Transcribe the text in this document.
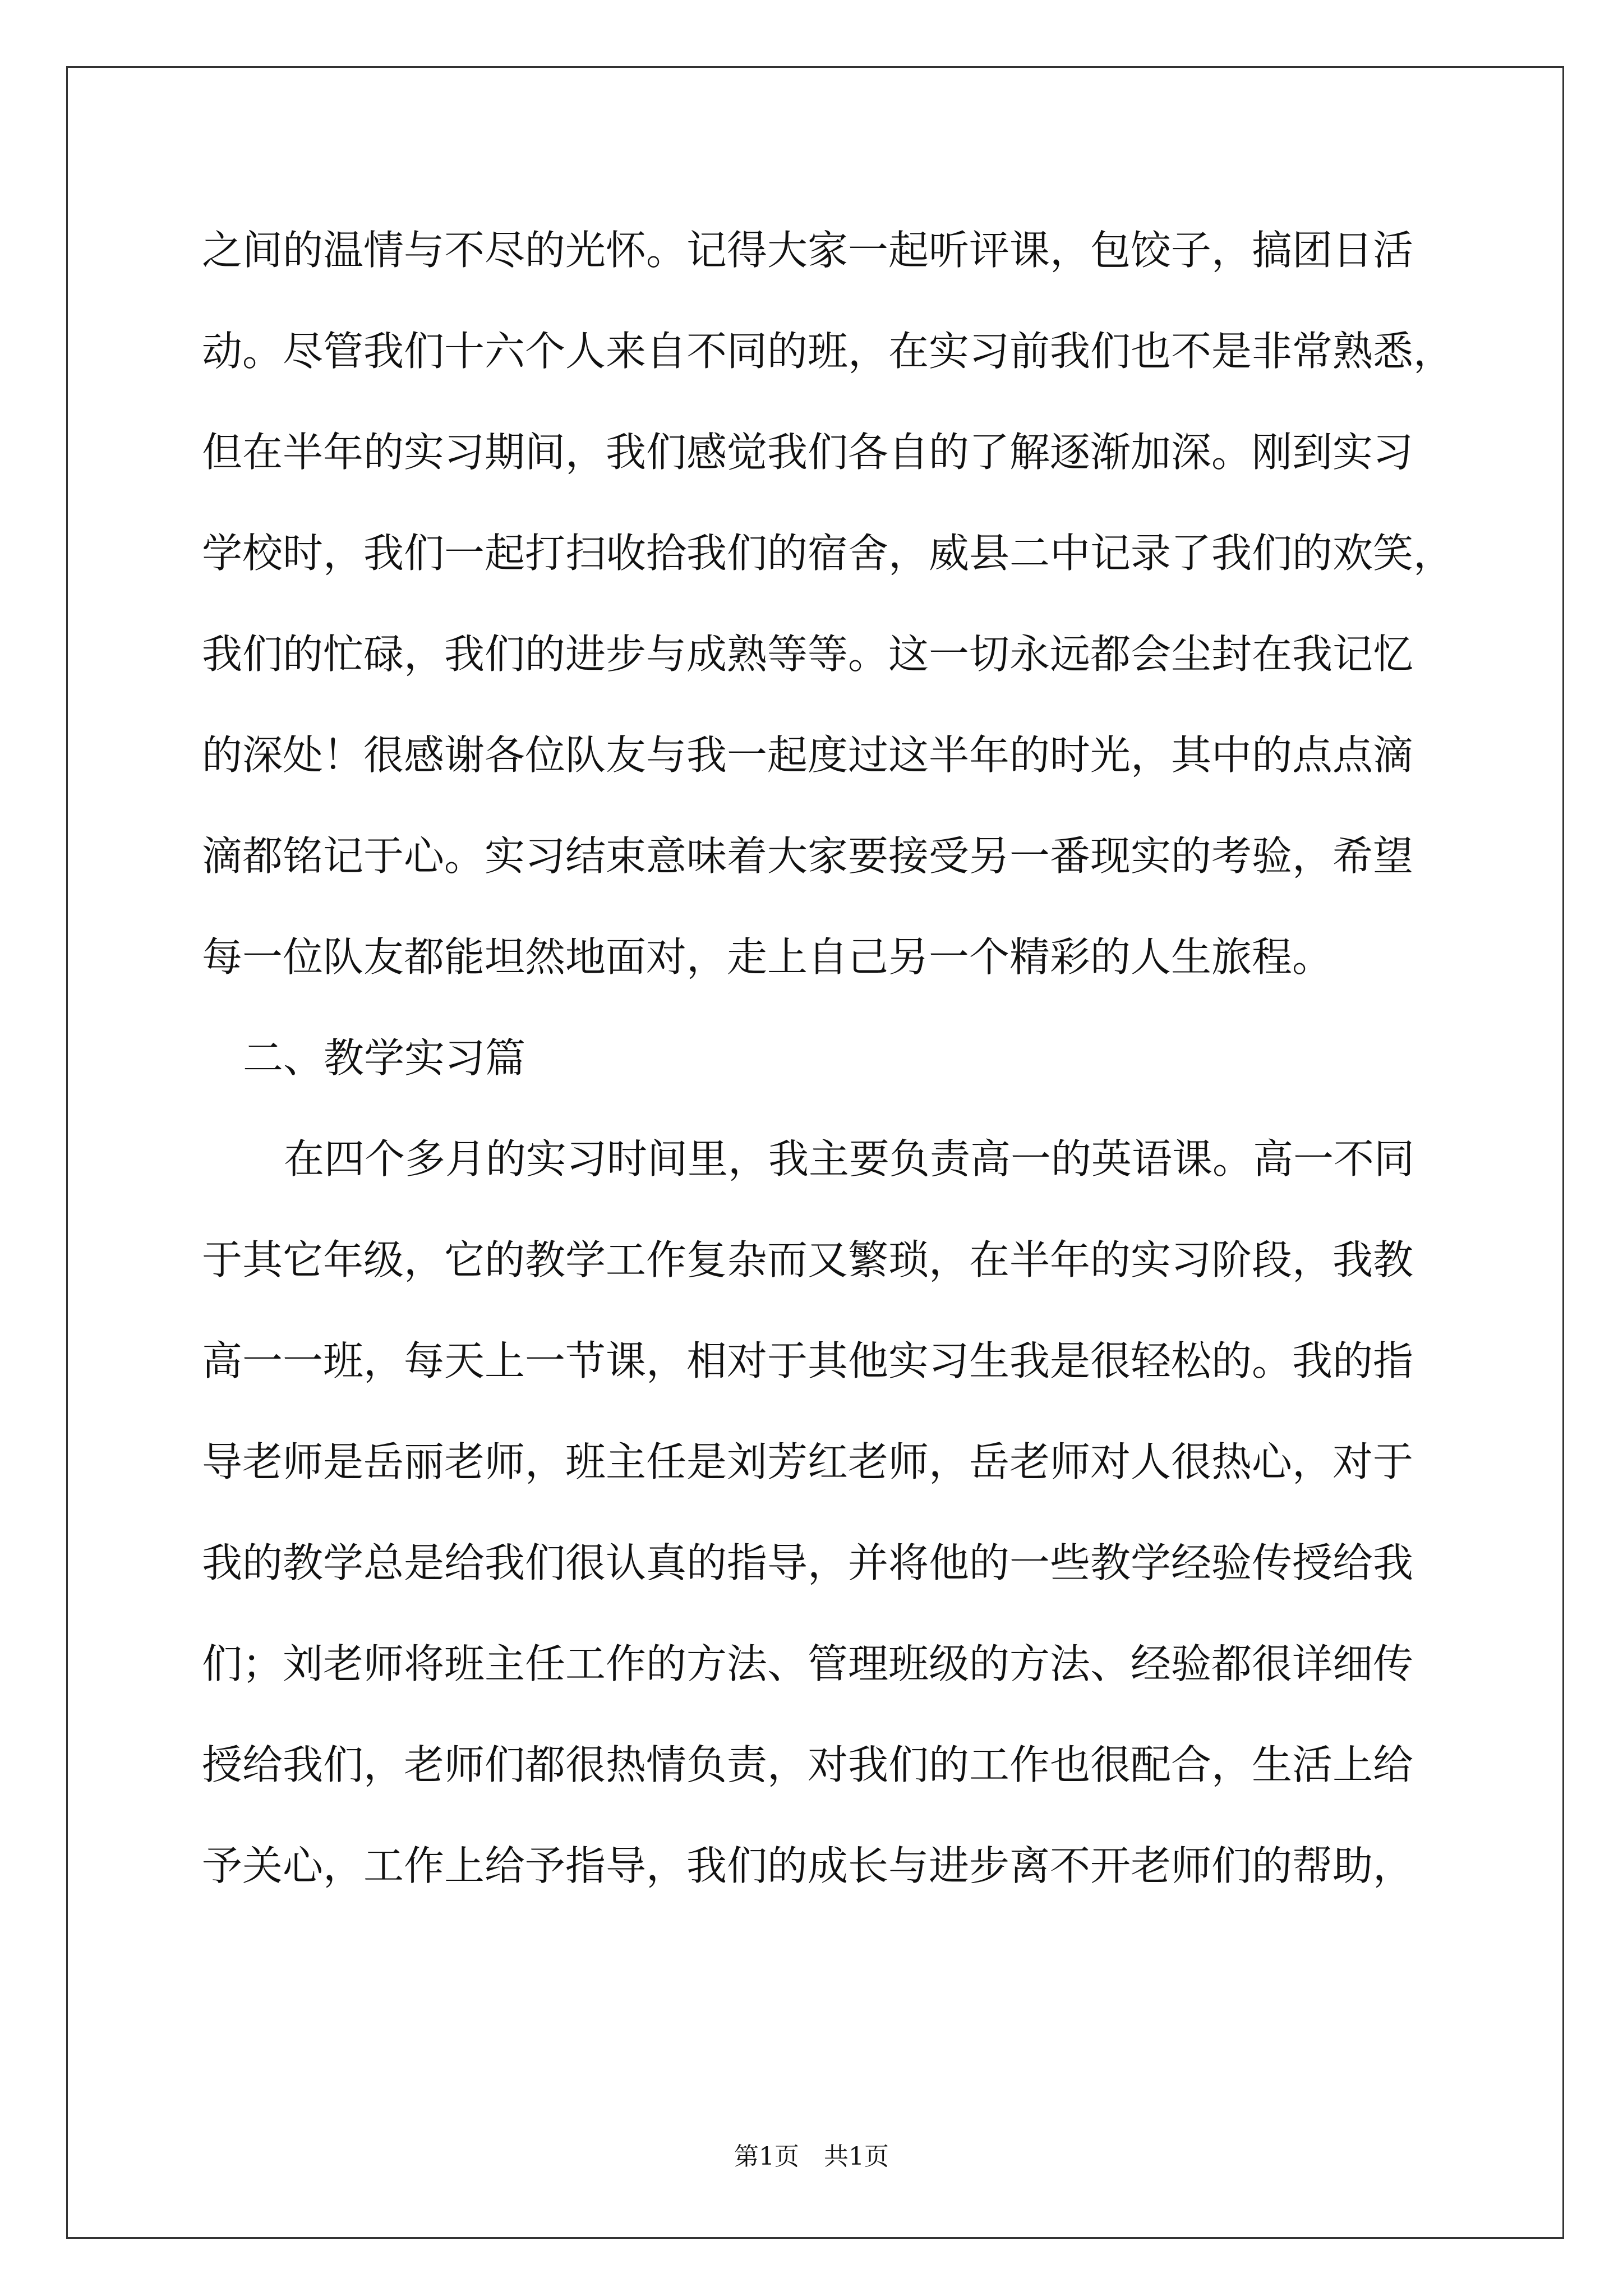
之间的温情与不尽的光怀。记得大家一起听评课，包饺子，搞团日活
动。尽管我们十六个人来自不同的班，在实习前我们也不是非常熟悉，
但在半年的实习期间，我们感觉我们各自的了解逐渐加深。刚到实习
学校时，我们一起打扫收拾我们的宿舍，威县二中记录了我们的欢笑，
我们的忙碌，我们的进步与成熟等等。这一切永远都会尘封在我记忆
的深处！很感谢各位队友与我一起度过这半年的时光，其中的点点滴
滴都铭记于心。实习结束意味着大家要接受另一番现实的考验，希望
每一位队友都能坦然地面对，走上自己另一个精彩的人生旅程。
二、教学实习篇
在四个多月的实习时间里，我主要负责高一的英语课。高一不同
于其它年级，它的教学工作复杂而又繁琐，在半年的实习阶段，我教
高一一班，每天上一节课，相对于其他实习生我是很轻松的。我的指
导老师是岳丽老师，班主任是刘芳红老师，岳老师对人很热心，对于
我的教学总是给我们很认真的指导，并将他的一些教学经验传授给我
们；刘老师将班主任工作的方法、管理班级的方法、经验都很详细传
授给我们，老师们都很热情负责，对我们的工作也很配合，生活上给
予关心，工作上给予指导，我们的成长与进步离不开老师们的帮助，
第1页　共1页
